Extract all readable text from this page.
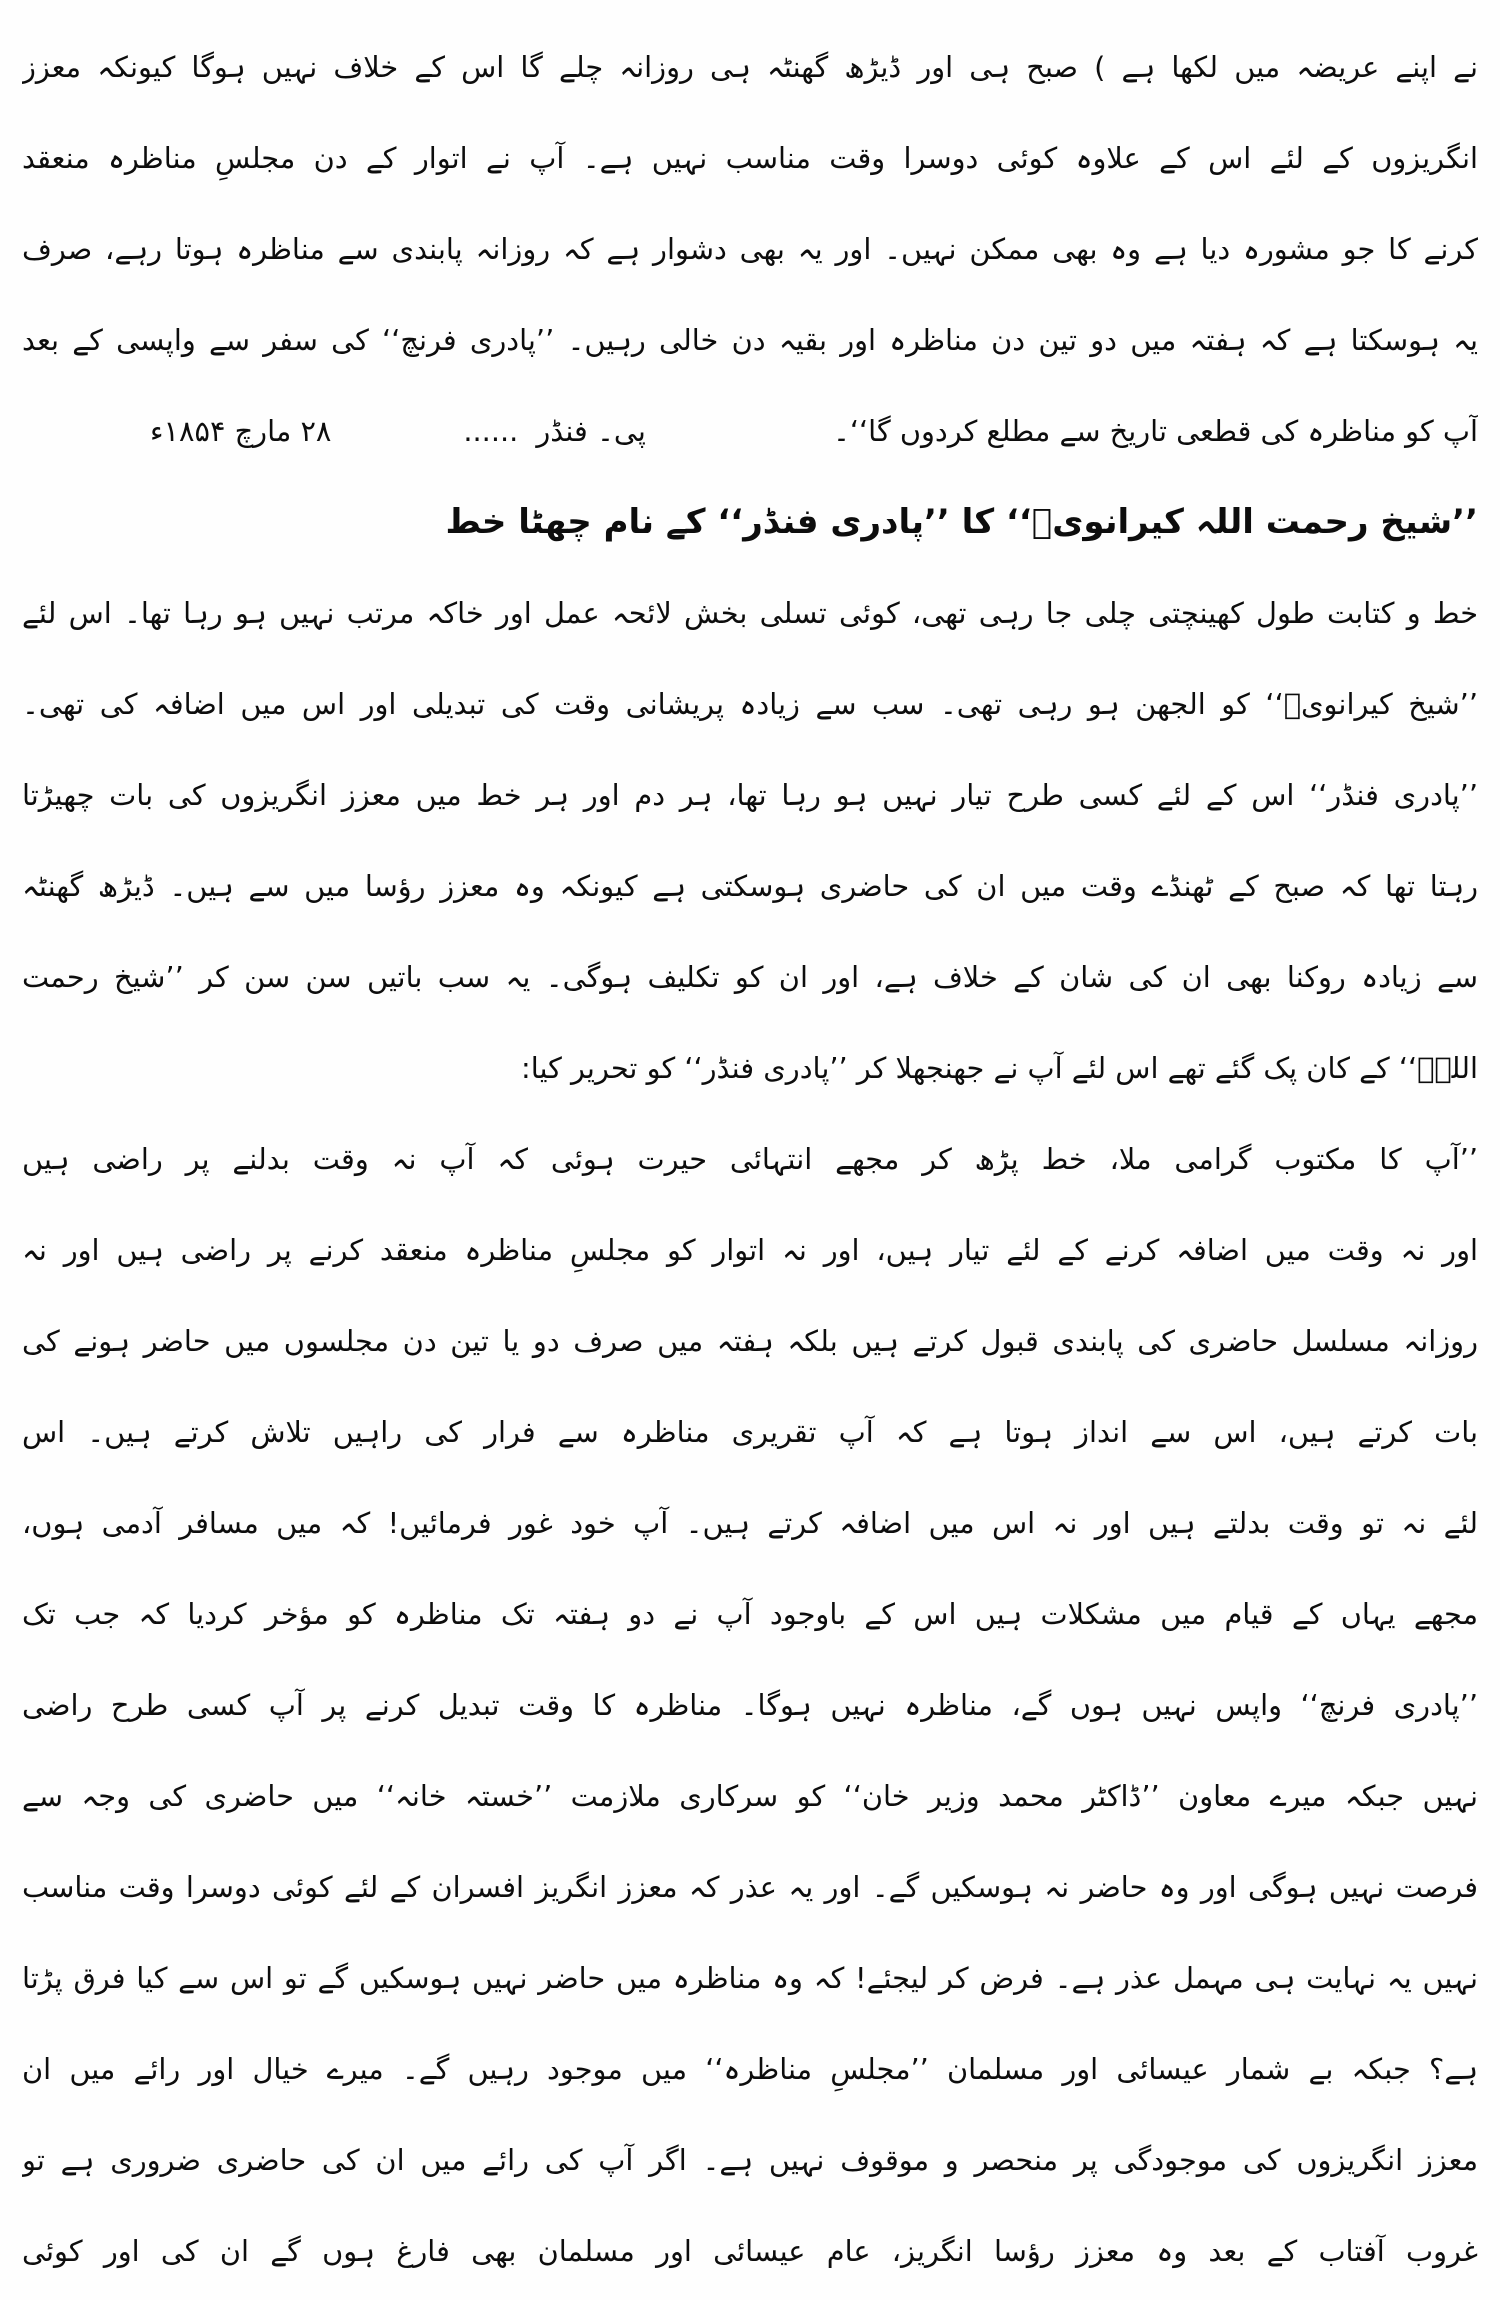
نے اپنے عریضہ میں لکھا ہے ) صبح ہی اور ڈیڑھ گھنٹہ ہی روزانہ چلے گا اس کے خلاف نہیں ہوگا کیونکہ معزز
انگریزوں کے لئے اس کے علاوہ کوئی دوسرا وقت مناسب نہیں ہے۔ آپ نے اتوار کے دن مجلسِ مناظرہ منعقد
کرنے کا جو مشورہ دیا ہے وہ بھی ممکن نہیں۔ اور یہ بھی دشوار ہے کہ روزانہ پابندی سے مناظرہ ہوتا رہے، صرف
یہ ہوسکتا ہے کہ ہفتہ میں دو تین دن مناظرہ اور بقیہ دن خالی رہیں۔ ’’پادری فرنچ‘‘ کی سفر سے واپسی کے بعد
آپ کو مناظرہ کی قطعی تاریخ سے مطلع کردوں گا‘‘۔
پی۔ فنڈر......۲۸ مارچ ۱۸۵۴ء
’’شیخ رحمت اللہ کیرانویؒ‘‘ کا ’’پادری فنڈر‘‘ کے نام چھٹا خط
خط و کتابت طول کھینچتی چلی جا رہی تھی، کوئی تسلی بخش لائحہ عمل اور خاکہ مرتب نہیں ہو رہا تھا۔ اس لئے
’’شیخ کیرانویؒ‘‘ کو الجھن ہو رہی تھی۔ سب سے زیادہ پریشانی وقت کی تبدیلی اور اس میں اضافہ کی تھی۔
’’پادری فنڈر‘‘ اس کے لئے کسی طرح تیار نہیں ہو رہا تھا، ہر دم اور ہر خط میں معزز انگریزوں کی بات چھیڑتا
رہتا تھا کہ صبح کے ٹھنڈے وقت میں ان کی حاضری ہوسکتی ہے کیونکہ وہ معزز رؤسا میں سے ہیں۔ ڈیڑھ گھنٹہ
سے زیادہ روکنا بھی ان کی شان کے خلاف ہے، اور ان کو تکلیف ہوگی۔ یہ سب باتیں سن سن کر ’’شیخ رحمت
اللہؒ‘‘ کے کان پک گئے تھے اس لئے آپ نے جھنجھلا کر ’’پادری فنڈر‘‘ کو تحریر کیا:
’’آپ کا مکتوب گرامی ملا، خط پڑھ کر مجھے انتہائی حیرت ہوئی کہ آپ نہ وقت بدلنے پر راضی ہیں
اور نہ وقت میں اضافہ کرنے کے لئے تیار ہیں، اور نہ اتوار کو مجلسِ مناظرہ منعقد کرنے پر راضی ہیں اور نہ
روزانہ مسلسل حاضری کی پابندی قبول کرتے ہیں بلکہ ہفتہ میں صرف دو یا تین دن مجلسوں میں حاضر ہونے کی
بات کرتے ہیں، اس سے انداز ہوتا ہے کہ آپ تقریری مناظرہ سے فرار کی راہیں تلاش کرتے ہیں۔ اس
لئے نہ تو وقت بدلتے ہیں اور نہ اس میں اضافہ کرتے ہیں۔ آپ خود غور فرمائیں! کہ میں مسافر آدمی ہوں،
مجھے یہاں کے قیام میں مشکلات ہیں اس کے باوجود آپ نے دو ہفتہ تک مناظرہ کو مؤخر کردیا کہ جب تک
’’پادری فرنچ‘‘ واپس نہیں ہوں گے، مناظرہ نہیں ہوگا۔ مناظرہ کا وقت تبدیل کرنے پر آپ کسی طرح راضی
نہیں جبکہ میرے معاون ’’ڈاکٹر محمد وزیر خان‘‘ کو سرکاری ملازمت ’’خستہ خانہ‘‘ میں حاضری کی وجہ سے
فرصت نہیں ہوگی اور وہ حاضر نہ ہوسکیں گے۔ اور یہ عذر کہ معزز انگریز افسران کے لئے کوئی دوسرا وقت مناسب
نہیں یہ نہایت ہی مہمل عذر ہے۔ فرض کر لیجئے! کہ وہ مناظرہ میں حاضر نہیں ہوسکیں گے تو اس سے کیا فرق پڑتا
ہے؟ جبکہ بے شمار عیسائی اور مسلمان ’’مجلسِ مناظرہ‘‘ میں موجود رہیں گے۔ میرے خیال اور رائے میں ان
معزز انگریزوں کی موجودگی پر منحصر و موقوف نہیں ہے۔ اگر آپ کی رائے میں ان کی حاضری ضروری ہے تو
غروب آفتاب کے بعد وہ معزز رؤسا انگریز، عام عیسائی اور مسلمان بھی فارغ ہوں گے ان کی اور کوئی
